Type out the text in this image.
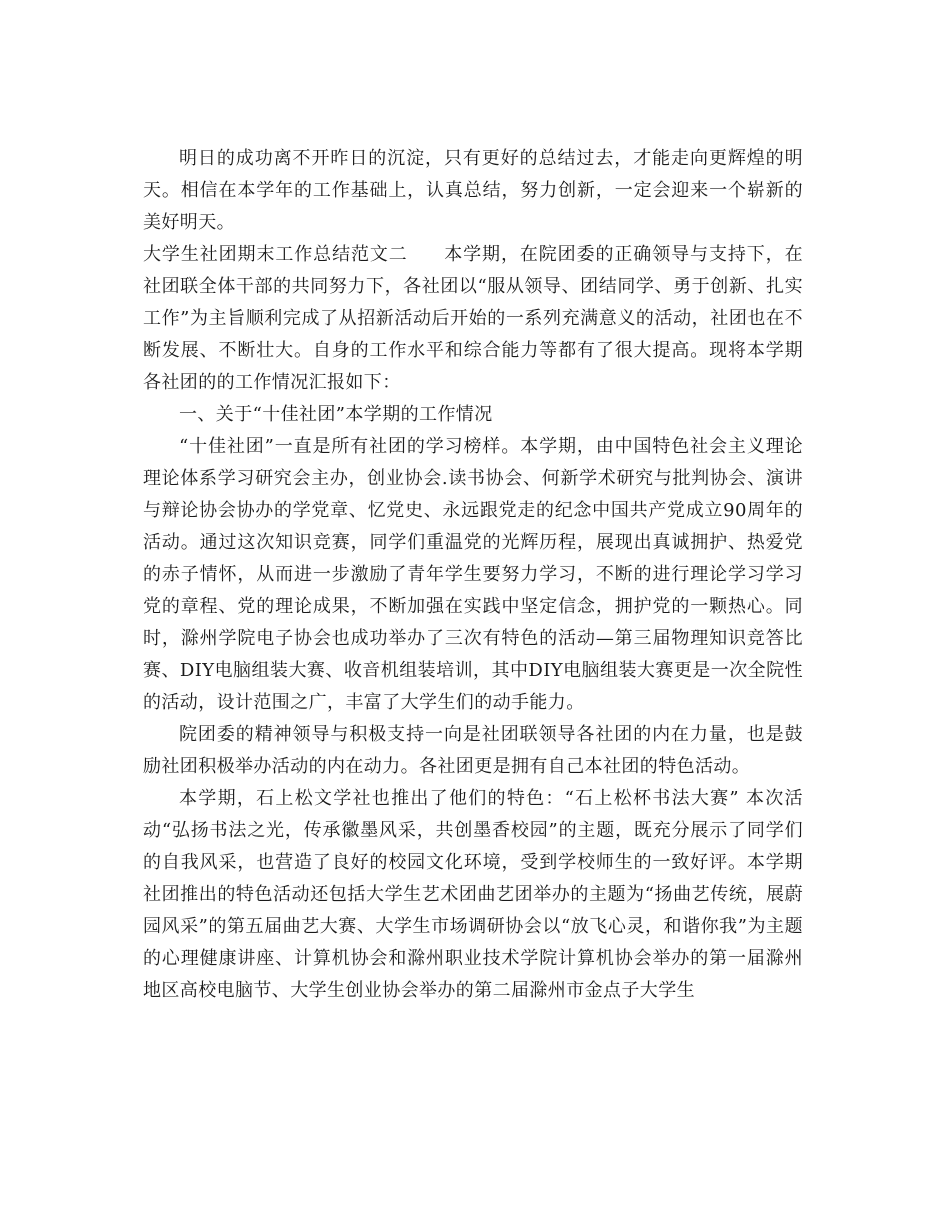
明日的成功离不开昨日的沉淀，只有更好的总结过去，才能走向更辉煌的明天。相信在本学年的工作基础上，认真总结，努力创新，一定会迎来一个崭新的美好明天。

大学生社团期末工作总结范文二 本学期，在院团委的正确领导与支持下，在社团联全体干部的共同努力下，各社团以“服从领导、团结同学、勇于创新、扎实工作”为主旨顺利完成了从招新活动后开始的一系列充满意义的活动，社团也在不断发展、不断壮大。自身的工作水平和综合能力等都有了很大提高。现将本学期各社团的的工作情况汇报如下：

一、关于“十佳社团”本学期的工作情况

“十佳社团”一直是所有社团的学习榜样。本学期，由中国特色社会主义理论理论体系学习研究会主办，创业协会.读书协会、何新学术研究与批判协会、演讲与辩论协会协办的学党章、忆党史、永远跟党走的纪念中国共产党成立90周年的活动。通过这次知识竞赛，同学们重温党的光辉历程，展现出真诚拥护、热爱党的赤子情怀，从而进一步激励了青年学生要努力学习，不断的进行理论学习学习党的章程、党的理论成果，不断加强在实践中坚定信念，拥护党的一颗热心。同时，滁州学院电子协会也成功举办了三次有特色的活动—第三届物理知识竞答比赛、DIY电脑组装大赛、收音机组装培训，其中DIY电脑组装大赛更是一次全院性的活动，设计范围之广，丰富了大学生们的动手能力。

院团委的精神领导与积极支持一向是社团联领导各社团的内在力量，也是鼓励社团积极举办活动的内在动力。各社团更是拥有自己本社团的特色活动。

本学期，石上松文学社也推出了他们的特色：“石上松杯书法大赛” 本次活动“弘扬书法之光，传承徽墨风采，共创墨香校园”的主题，既充分展示了同学们的自我风采，也营造了良好的校园文化环境，受到学校师生的一致好评。本学期社团推出的特色活动还包括大学生艺术团曲艺团举办的主题为“扬曲艺传统，展蔚园风采”的第五届曲艺大赛、大学生市场调研协会以“放飞心灵，和谐你我”为主题的心理健康讲座、计算机协会和滁州职业技术学院计算机协会举办的第一届滁州地区高校电脑节、大学生创业协会举办的第二届滁州市金点子大学生
